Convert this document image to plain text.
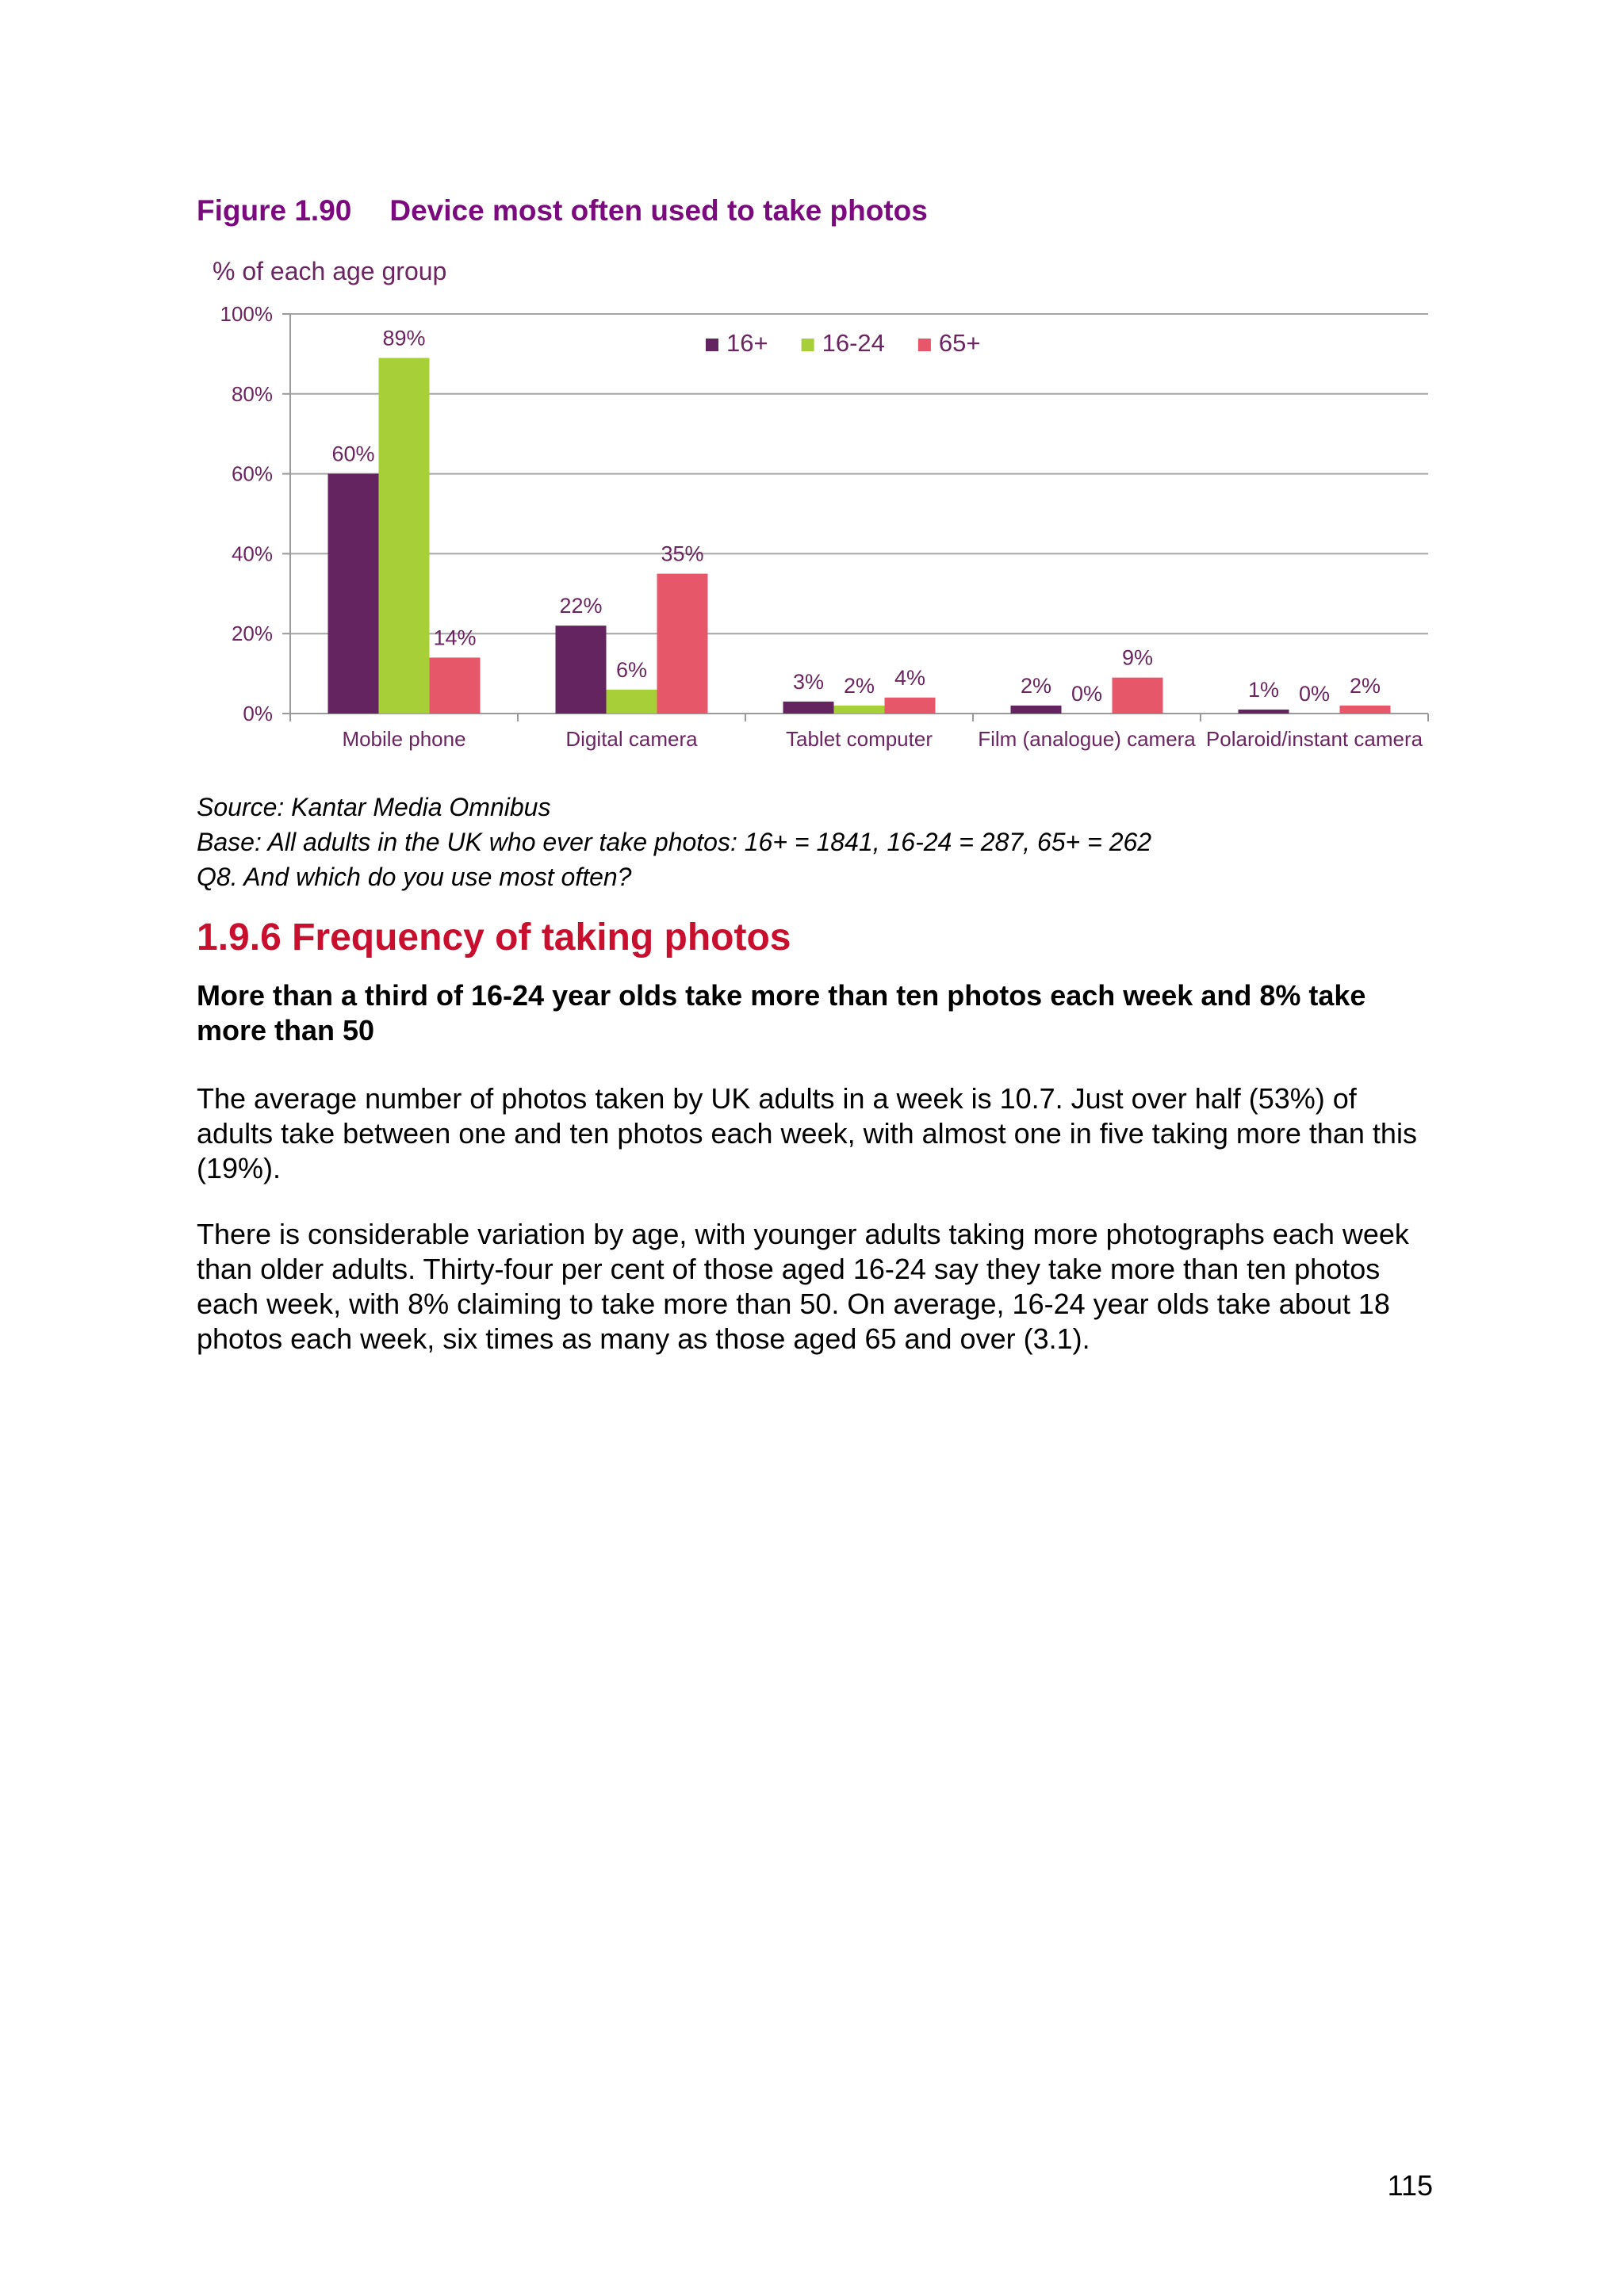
Figure 1.90 Device most often used to take photos
0%
20%
40%
60%
80%
100%
60%
89%
14%
Mobile phone
22%
6%
35%
Digital camera
3% 2% 4%
Tablet computer
2% 0%
9%
Film (analogue) camera
1% 0% 2%
Polaroid/instant camera
16+ 16-24 65+
% of each age group
Source: Kantar Media Omnibus
Base: All adults in the UK who ever take photos: 16+ = 1841, 16-24 = 287, 65+ = 262
Q8. And which do you use most often?
1.9.6 Frequency of taking photos
More than a third of 16-24 year olds take more than ten photos each week and 8% take more than 50
The average number of photos taken by UK adults in a week is 10.7. Just over half (53%) of adults take between one and ten photos each week, with almost one in five taking more than this (19%).
There is considerable variation by age, with younger adults taking more photographs each week than older adults. Thirty-four per cent of those aged 16-24 say they take more than ten photos each week, with 8% claiming to take more than 50. On average, 16-24 year olds take about 18 photos each week, six times as many as those aged 65 and over (3.1).
115
